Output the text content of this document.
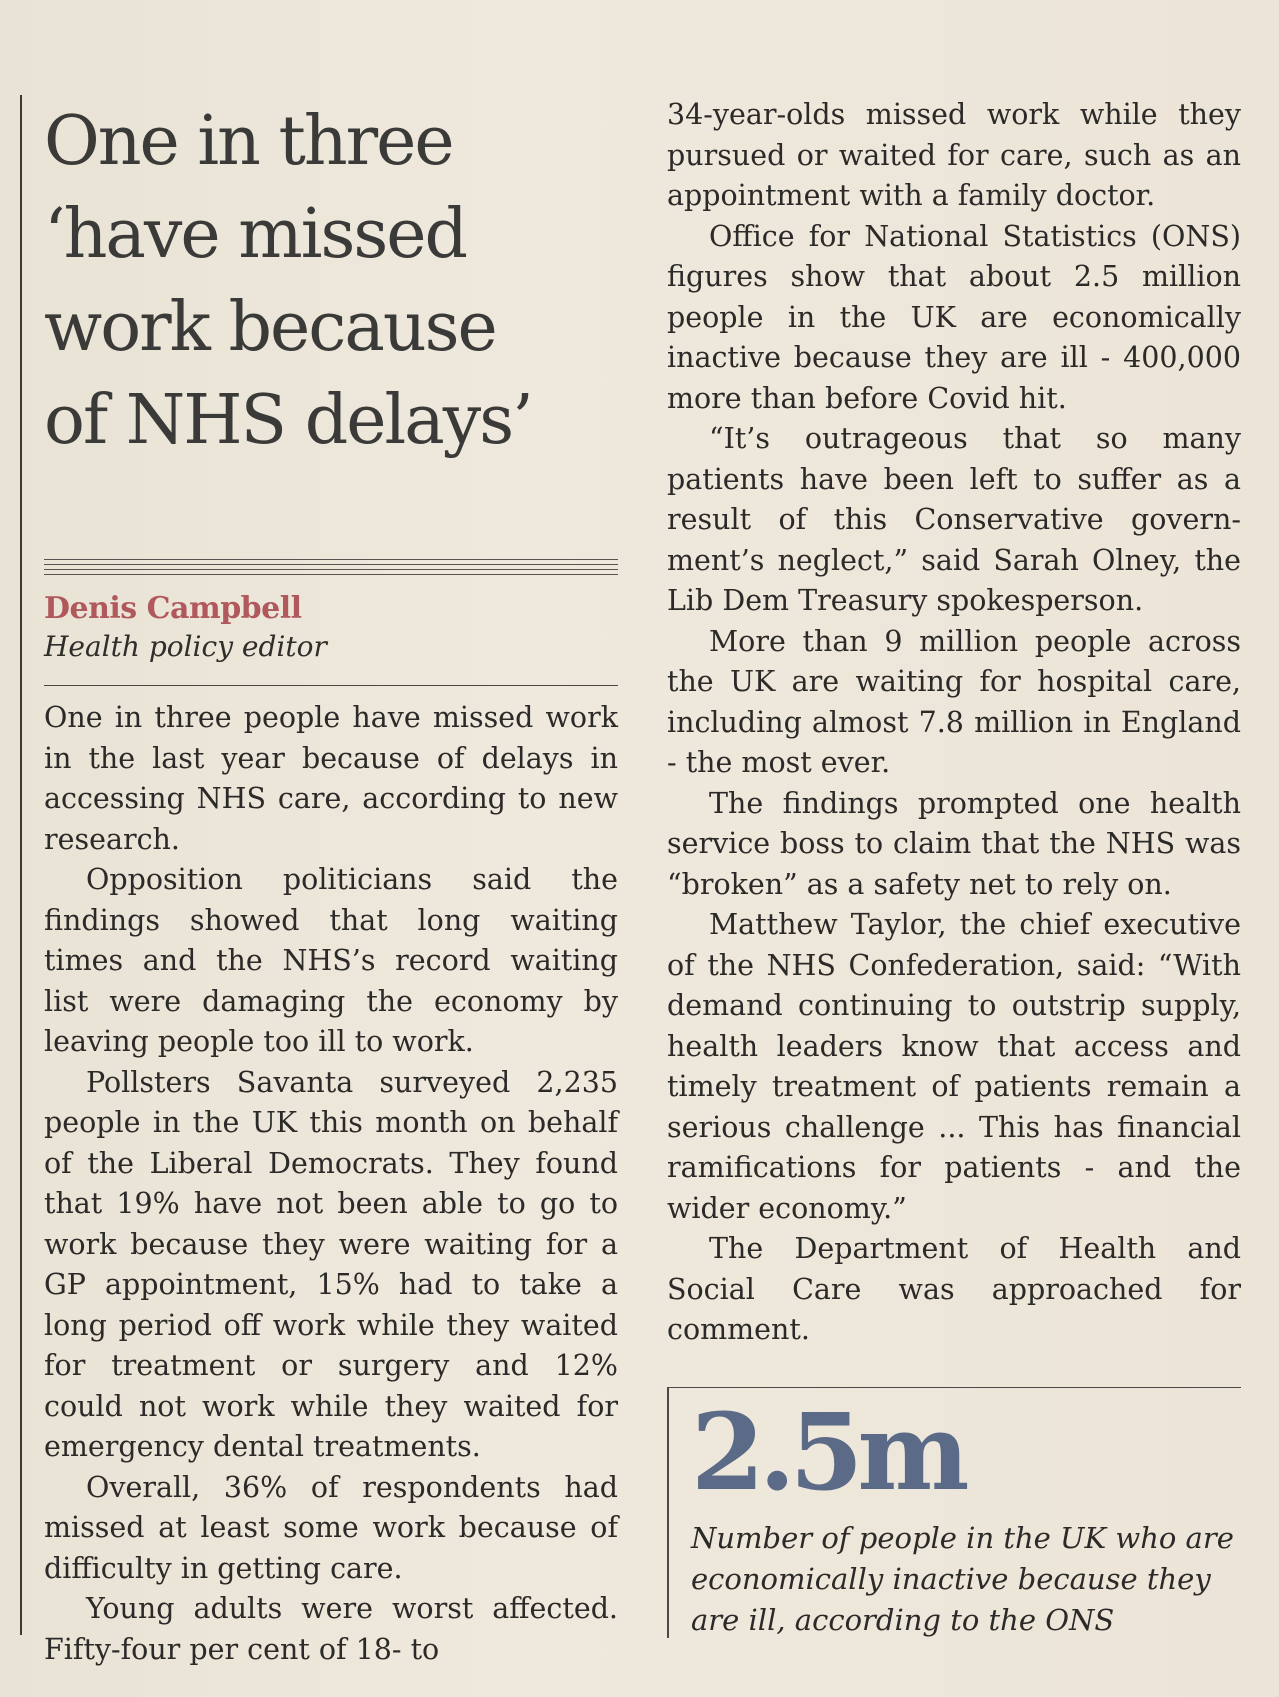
One in three
‘have missed
work because
of NHS delays’
Denis Campbell
Health policy editor

One in three people have missed work in the last year because of delays in accessing NHS care, according to new research.

Opposition politicians said the findings showed that long waiting times and the NHS’s record waiting list were damaging the economy by leaving people too ill to work.

Pollsters Savanta surveyed 2,235 people in the UK this month on behalf of the Liberal Democrats. They found that 19% have not been able to go to work because they were waiting for a GP appointment, 15% had to take a long period off work while they waited for treatment or surgery and 12% could not work while they waited for emergency dental treatments.

Overall, 36% of respondents had missed at least some work because of difficulty in getting care.

Young adults were worst affected. Fifty-four per cent of 18- to

34-year-olds missed work while they pursued or waited for care, such as an appointment with a family doctor.

Office for National Statistics (ONS) figures show that about 2.5 million people in the UK are economically inactive because they are ill - 400,000 more than before Covid hit.

“It’s outrageous that so many patients have been left to suffer as a result of this Conservative government’s neglect,” said Sarah Olney, the Lib Dem Treasury spokesperson.

More than 9 million people across the UK are waiting for hospital care, including almost 7.8 million in England - the most ever.

The findings prompted one health service boss to claim that the NHS was “broken” as a safety net to rely on.

Matthew Taylor, the chief executive of the NHS Confederation, said: “With demand continuing to outstrip supply, health leaders know that access and timely treatment of patients remain a serious challenge ... This has financial ramifications for patients - and the wider economy.”

The Department of Health and Social Care was approached for comment.

2.5m
Number of people in the UK who are economically inactive because they are ill, according to the ONS
